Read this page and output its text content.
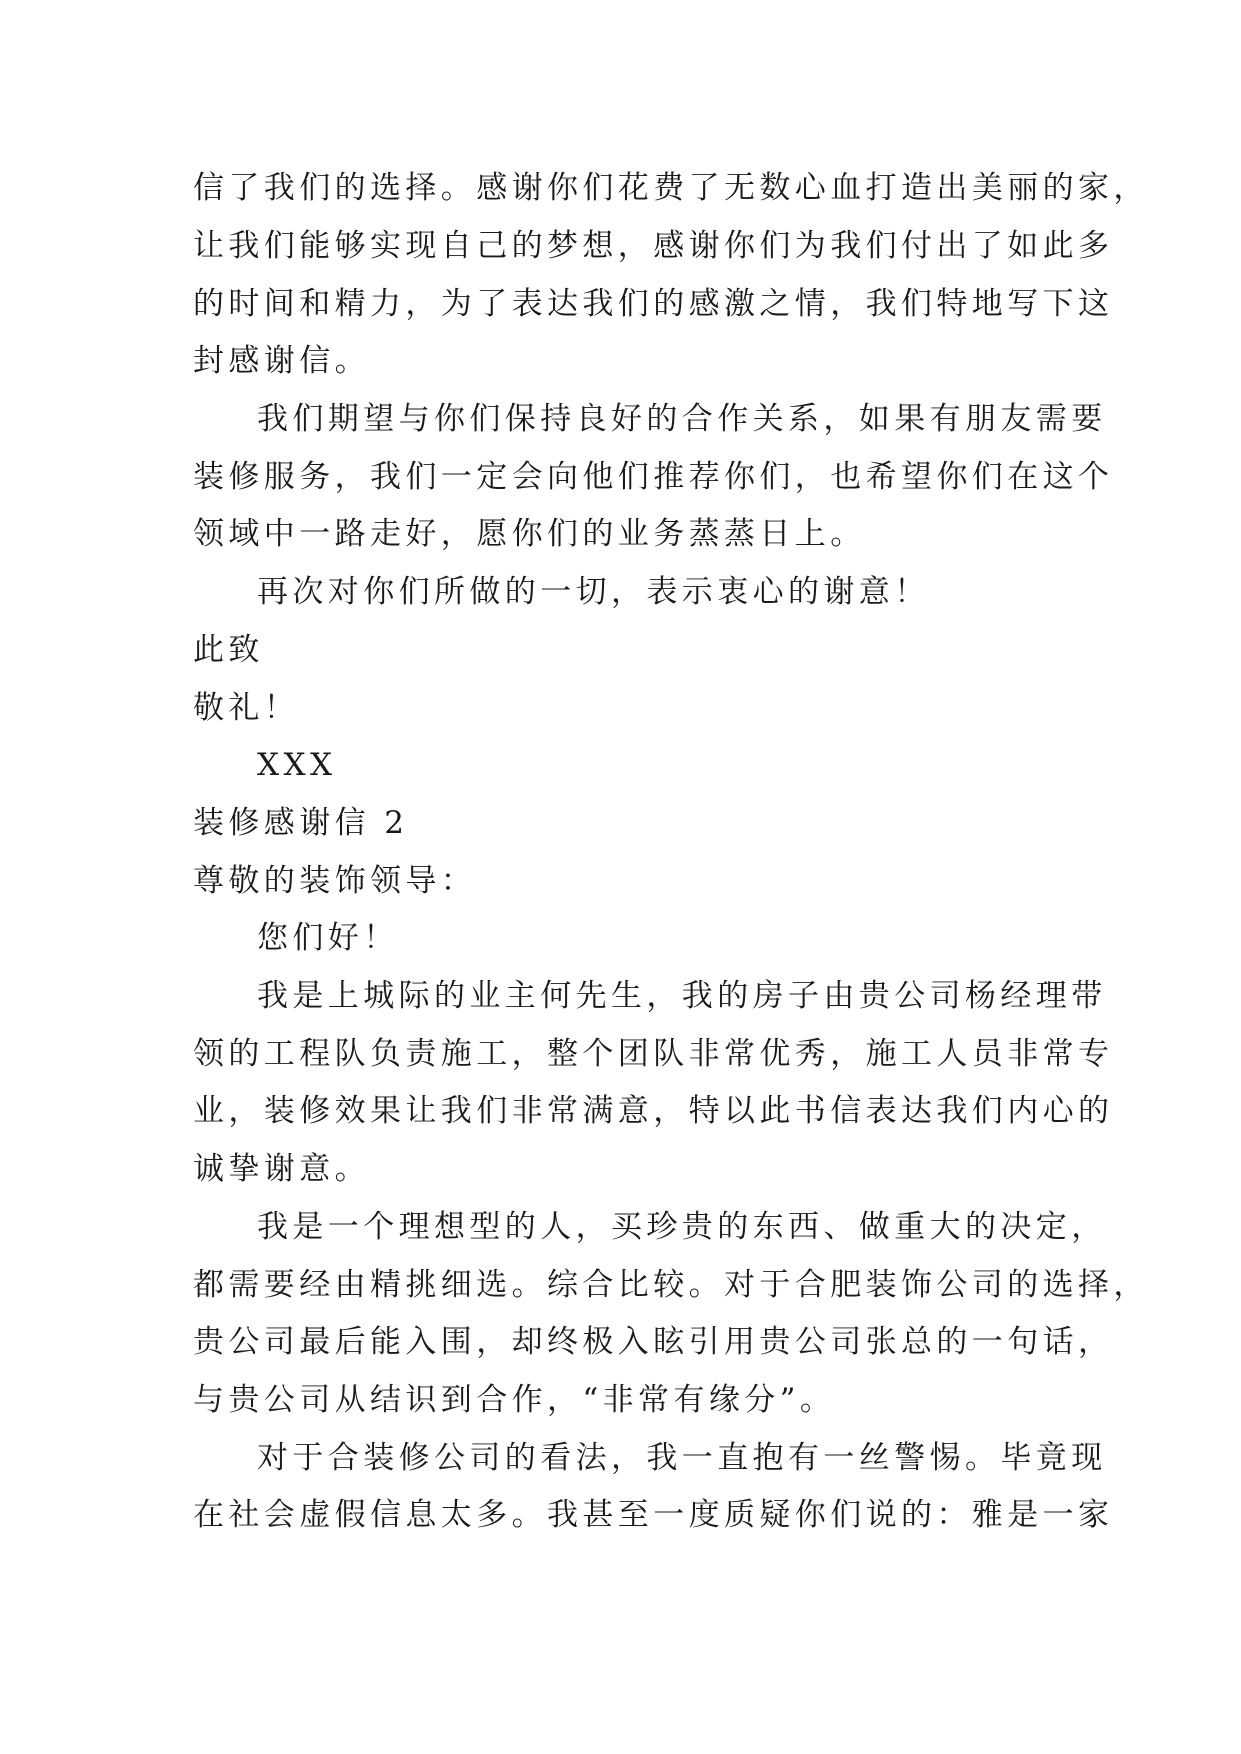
信了我们的选择。感谢你们花费了无数心血打造出美丽的家，
让我们能够实现自己的梦想，感谢你们为我们付出了如此多
的时间和精力，为了表达我们的感激之情，我们特地写下这
封感谢信。
我们期望与你们保持良好的合作关系，如果有朋友需要
装修服务，我们一定会向他们推荐你们，也希望你们在这个
领域中一路走好，愿你们的业务蒸蒸日上。
再次对你们所做的一切，表示衷心的谢意！
此致
敬礼！
XXX
装修感谢信 2
尊敬的装饰领导：
您们好！
我是上城际的业主何先生，我的房子由贵公司杨经理带
领的工程队负责施工，整个团队非常优秀，施工人员非常专
业，装修效果让我们非常满意，特以此书信表达我们内心的
诚挚谢意。
我是一个理想型的人，买珍贵的东西、做重大的决定，
都需要经由精挑细选。综合比较。对于合肥装饰公司的选择，
贵公司最后能入围，却终极入眩引用贵公司张总的一句话，
与贵公司从结识到合作，“非常有缘分”。
对于合装修公司的看法，我一直抱有一丝警惕。毕竟现
在社会虚假信息太多。我甚至一度质疑你们说的：雅是一家
